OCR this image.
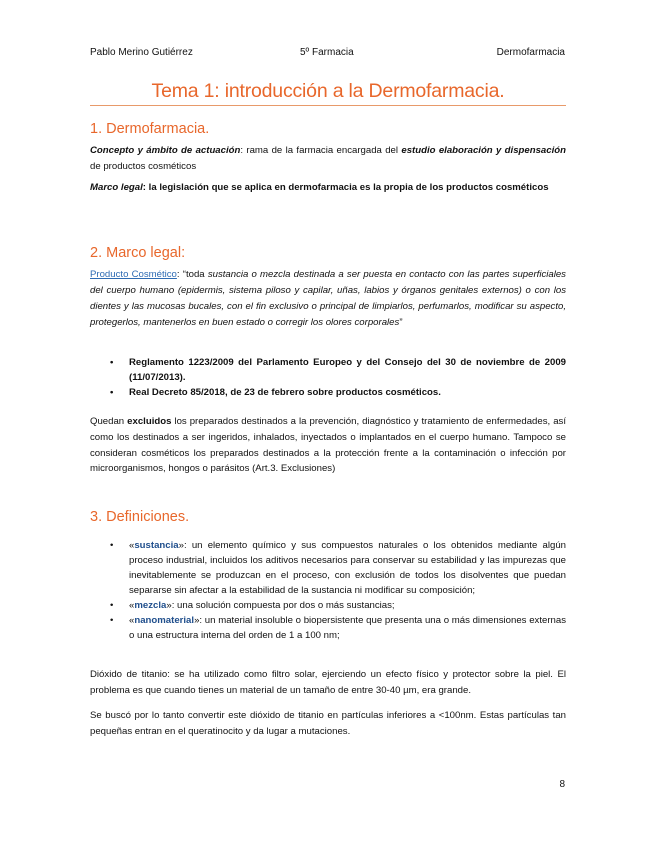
Pablo Merino Gutiérrez	5º Farmacia	Dermofarmacia
Tema 1: introducción a la Dermofarmacia.
1. Dermofarmacia.
Concepto y ámbito de actuación: rama de la farmacia encargada del estudio elaboración y dispensación de productos cosméticos
Marco legal: la legislación que se aplica en dermofarmacia es la propia de los productos cosméticos
2. Marco legal:
Producto Cosmético: “toda sustancia o mezcla destinada a ser puesta en contacto con las partes superficiales del cuerpo humano (epidermis, sistema piloso y capilar, uñas, labios y órganos genitales externos) o con los dientes y las mucosas bucales, con el fin exclusivo o principal de limpiarlos, perfumarlos, modificar su aspecto, protegerlos, mantenerlos en buen estado o corregir los olores corporales”
• Reglamento 1223/2009 del Parlamento Europeo y del Consejo del 30 de noviembre de 2009 (11/07/2013).
• Real Decreto 85/2018, de 23 de febrero sobre productos cosméticos.
Quedan excluidos los preparados destinados a la prevención, diagnóstico y tratamiento de enfermedades, así como los destinados a ser ingeridos, inhalados, inyectados o implantados en el cuerpo humano. Tampoco se consideran cosméticos los preparados destinados a la protección frente a la contaminación o infección por microorganismos, hongos o parásitos (Art.3. Exclusiones)
3. Definiciones.
• «sustancia»: un elemento químico y sus compuestos naturales o los obtenidos mediante algún proceso industrial, incluidos los aditivos necesarios para conservar su estabilidad y las impurezas que inevitablemente se produzcan en el proceso, con exclusión de todos los disolventes que puedan separarse sin afectar a la estabilidad de la sustancia ni modificar su composición;
• «mezcla»: una solución compuesta por dos o más sustancias;
• «nanomaterial»: un material insoluble o biopersistente que presenta una o más dimensiones externas o una estructura interna del orden de 1 a 100 nm;
Dióxido de titanio: se ha utilizado como filtro solar, ejerciendo un efecto físico y protector sobre la piel. El problema es que cuando tienes un material de un tamaño de entre 30-40 µm, era grande.
Se buscó por lo tanto convertir este dióxido de titanio en partículas inferiores a <100nm. Estas partículas tan pequeñas entran en el queratinocito y da lugar a mutaciones.
8
